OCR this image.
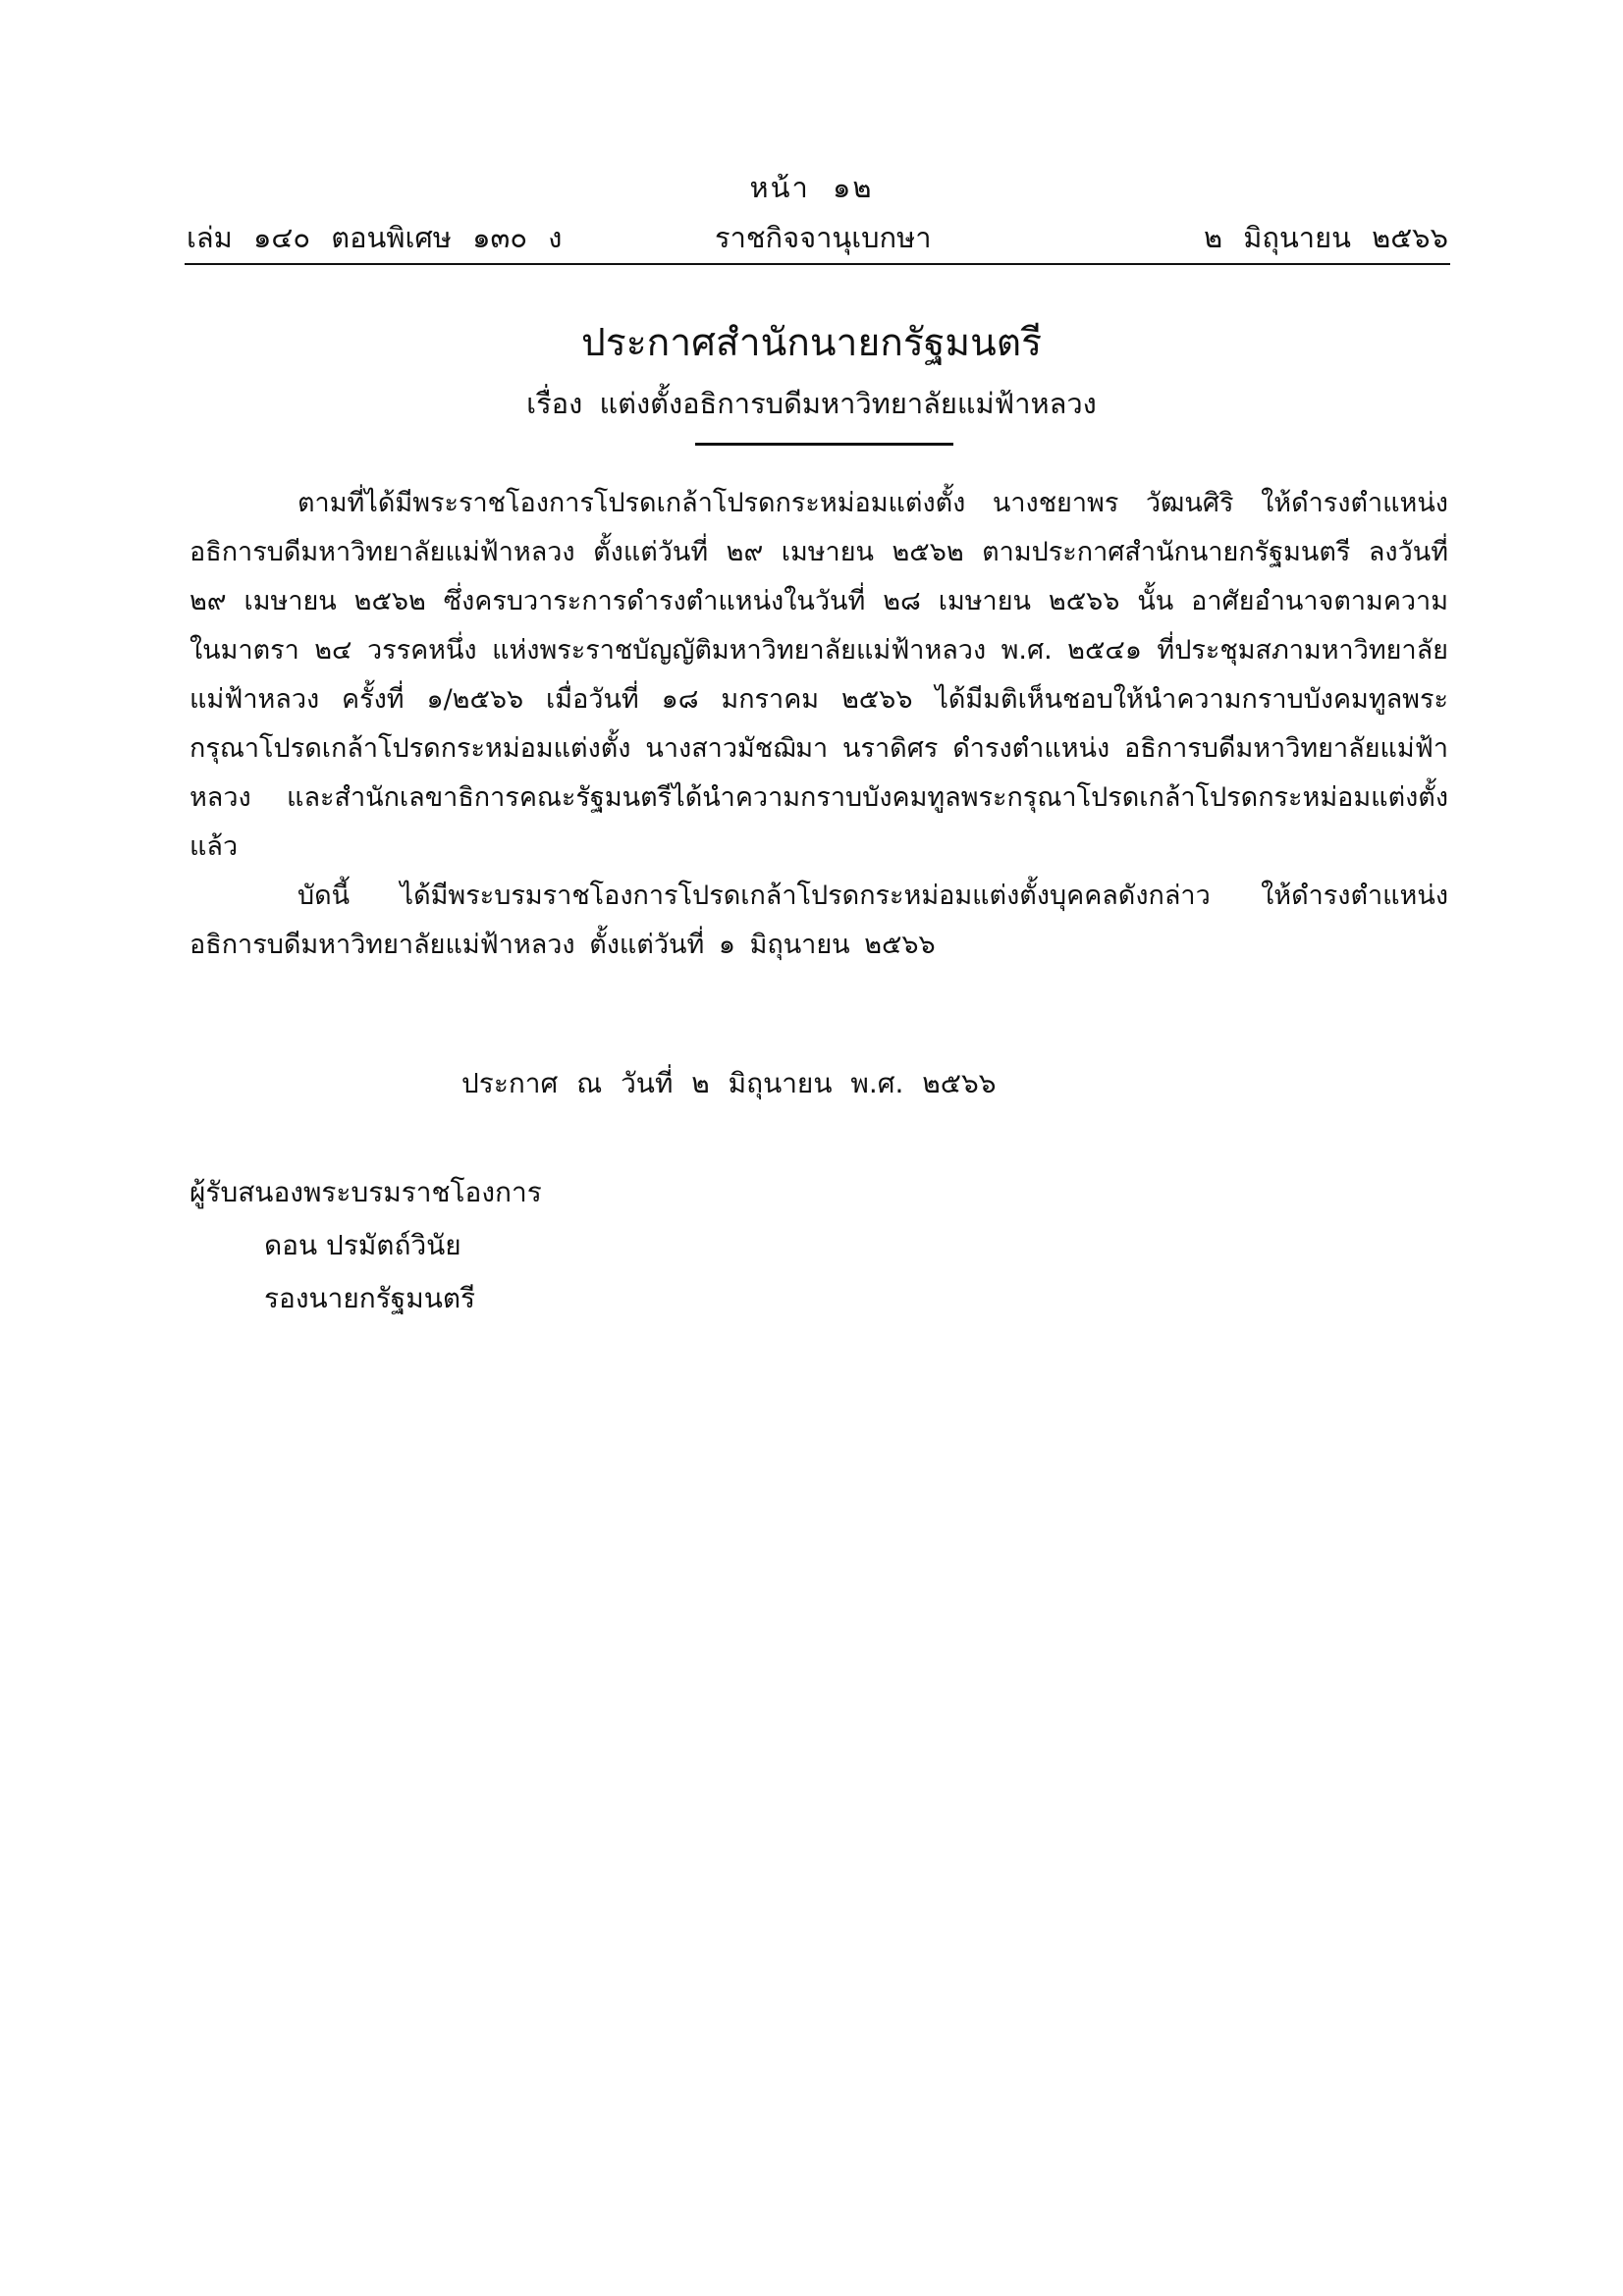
หน้า ๑๒
เล่ม ๑๔๐ ตอนพิเศษ ๑๓๐ ง	ราชกิจจานุเบกษา	๒ มิถุนายน ๒๕๖๖
ประกาศสำนักนายกรัฐมนตรี
เรื่อง แต่งตั้งอธิการบดีมหาวิทยาลัยแม่ฟ้าหลวง

ตามที่ได้มีพระราชโองการโปรดเกล้าโปรดกระหม่อมแต่งตั้ง นางชยาพร วัฒนศิริ ให้ดำรงตำแหน่งอธิการบดีมหาวิทยาลัยแม่ฟ้าหลวง ตั้งแต่วันที่ ๒๙ เมษายน ๒๕๖๒ ตามประกาศสำนักนายกรัฐมนตรี ลงวันที่ ๒๙ เมษายน ๒๕๖๒ ซึ่งครบวาระการดำรงตำแหน่งในวันที่ ๒๘ เมษายน ๒๕๖๖ นั้น อาศัยอำนาจตามความในมาตรา ๒๔ วรรคหนึ่ง แห่งพระราชบัญญัติมหาวิทยาลัยแม่ฟ้าหลวง พ.ศ. ๒๕๔๑ ที่ประชุมสภามหาวิทยาลัยแม่ฟ้าหลวง ครั้งที่ ๑/๒๕๖๖ เมื่อวันที่ ๑๘ มกราคม ๒๕๖๖ ได้มีมติเห็นชอบให้นำความกราบบังคมทูลพระกรุณาโปรดเกล้าโปรดกระหม่อมแต่งตั้ง นางสาวมัชฌิมา นราดิศร ดำรงตำแหน่ง อธิการบดีมหาวิทยาลัยแม่ฟ้าหลวง และสำนักเลขาธิการคณะรัฐมนตรีได้นำความกราบบังคมทูลพระกรุณาโปรดเกล้าโปรดกระหม่อมแต่งตั้งแล้ว

บัดนี้ ได้มีพระบรมราชโองการโปรดเกล้าโปรดกระหม่อมแต่งตั้งบุคคลดังกล่าว ให้ดำรงตำแหน่งอธิการบดีมหาวิทยาลัยแม่ฟ้าหลวง ตั้งแต่วันที่ ๑ มิถุนายน ๒๕๖๖

ประกาศ ณ วันที่ ๒ มิถุนายน พ.ศ. ๒๕๖๖
ผู้รับสนองพระบรมราชโองการ
ดอน ปรมัตถ์วินัย
รองนายกรัฐมนตรี
